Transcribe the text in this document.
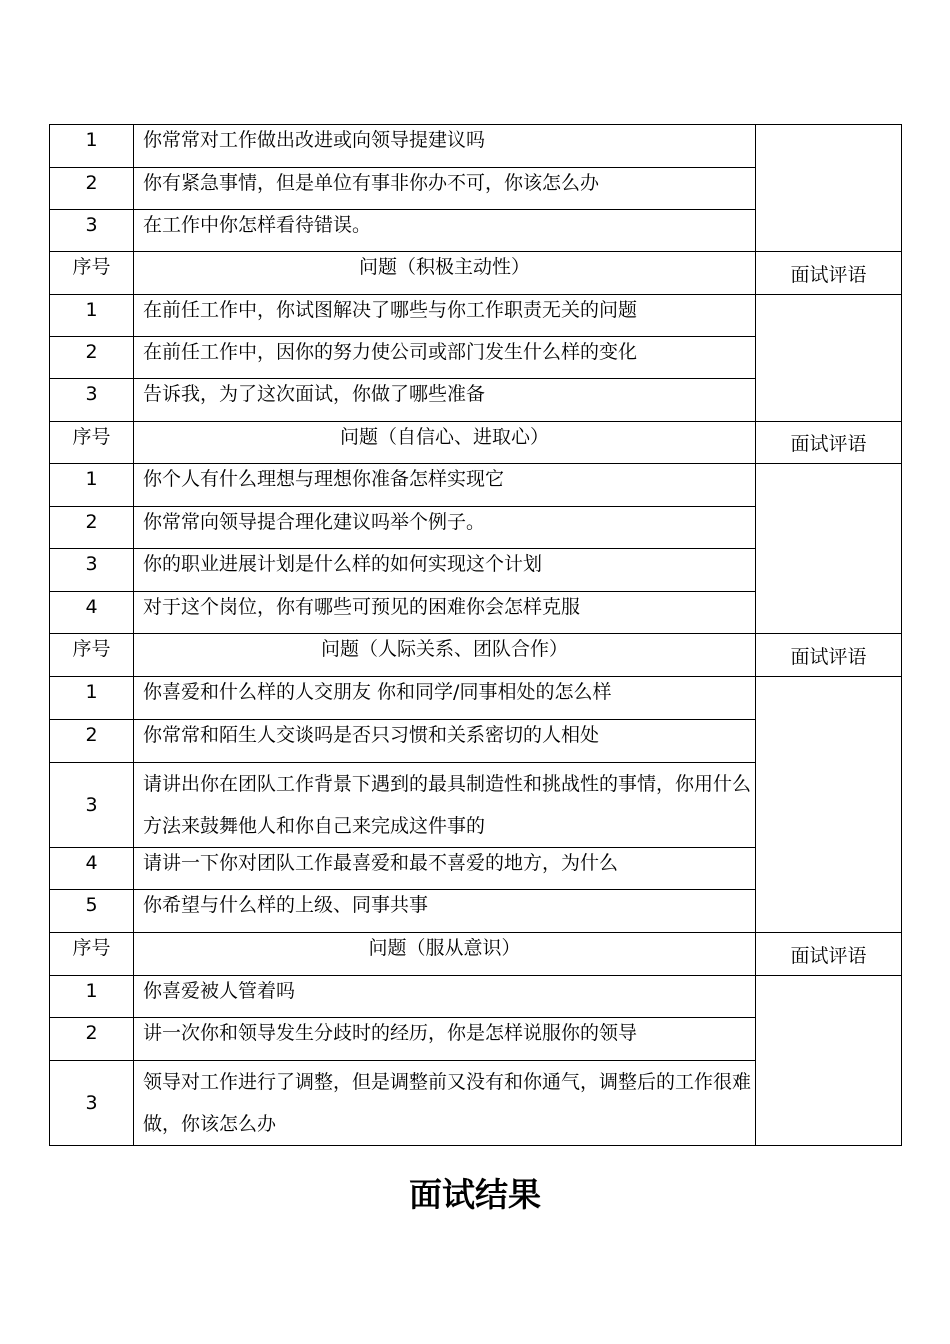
1	你常常对工作做出改进或向领导提建议吗	
2	你有紧急事情，但是单位有事非你办不可，你该怎么办	
3	在工作中你怎样看待错误。	
序号	问题（积极主动性）	面试评语
1	在前任工作中，你试图解决了哪些与你工作职责无关的问题	
2	在前任工作中，因你的努力使公司或部门发生什么样的变化	
3	告诉我，为了这次面试，你做了哪些准备	
序号	问题（自信心、进取心）	面试评语
1	你个人有什么理想与理想你准备怎样实现它	
2	你常常向领导提合理化建议吗举个例子。	
3	你的职业进展计划是什么样的如何实现这个计划	
4	对于这个岗位，你有哪些可预见的困难你会怎样克服	
序号	问题（人际关系、团队合作）	面试评语
1	你喜爱和什么样的人交朋友 你和同学/同事相处的怎么样	
2	你常常和陌生人交谈吗是否只习惯和关系密切的人相处	
3	请讲出你在团队工作背景下遇到的最具制造性和挑战性的事情，你用什么方法来鼓舞他人和你自己来完成这件事的	
4	请讲一下你对团队工作最喜爱和最不喜爱的地方，为什么	
5	你希望与什么样的上级、同事共事	
序号	问题（服从意识）	面试评语
1	你喜爱被人管着吗	
2	讲一次你和领导发生分歧时的经历，你是怎样说服你的领导	
3	领导对工作进行了调整，但是调整前又没有和你通气，调整后的工作很难做，你该怎么办	
面试结果
